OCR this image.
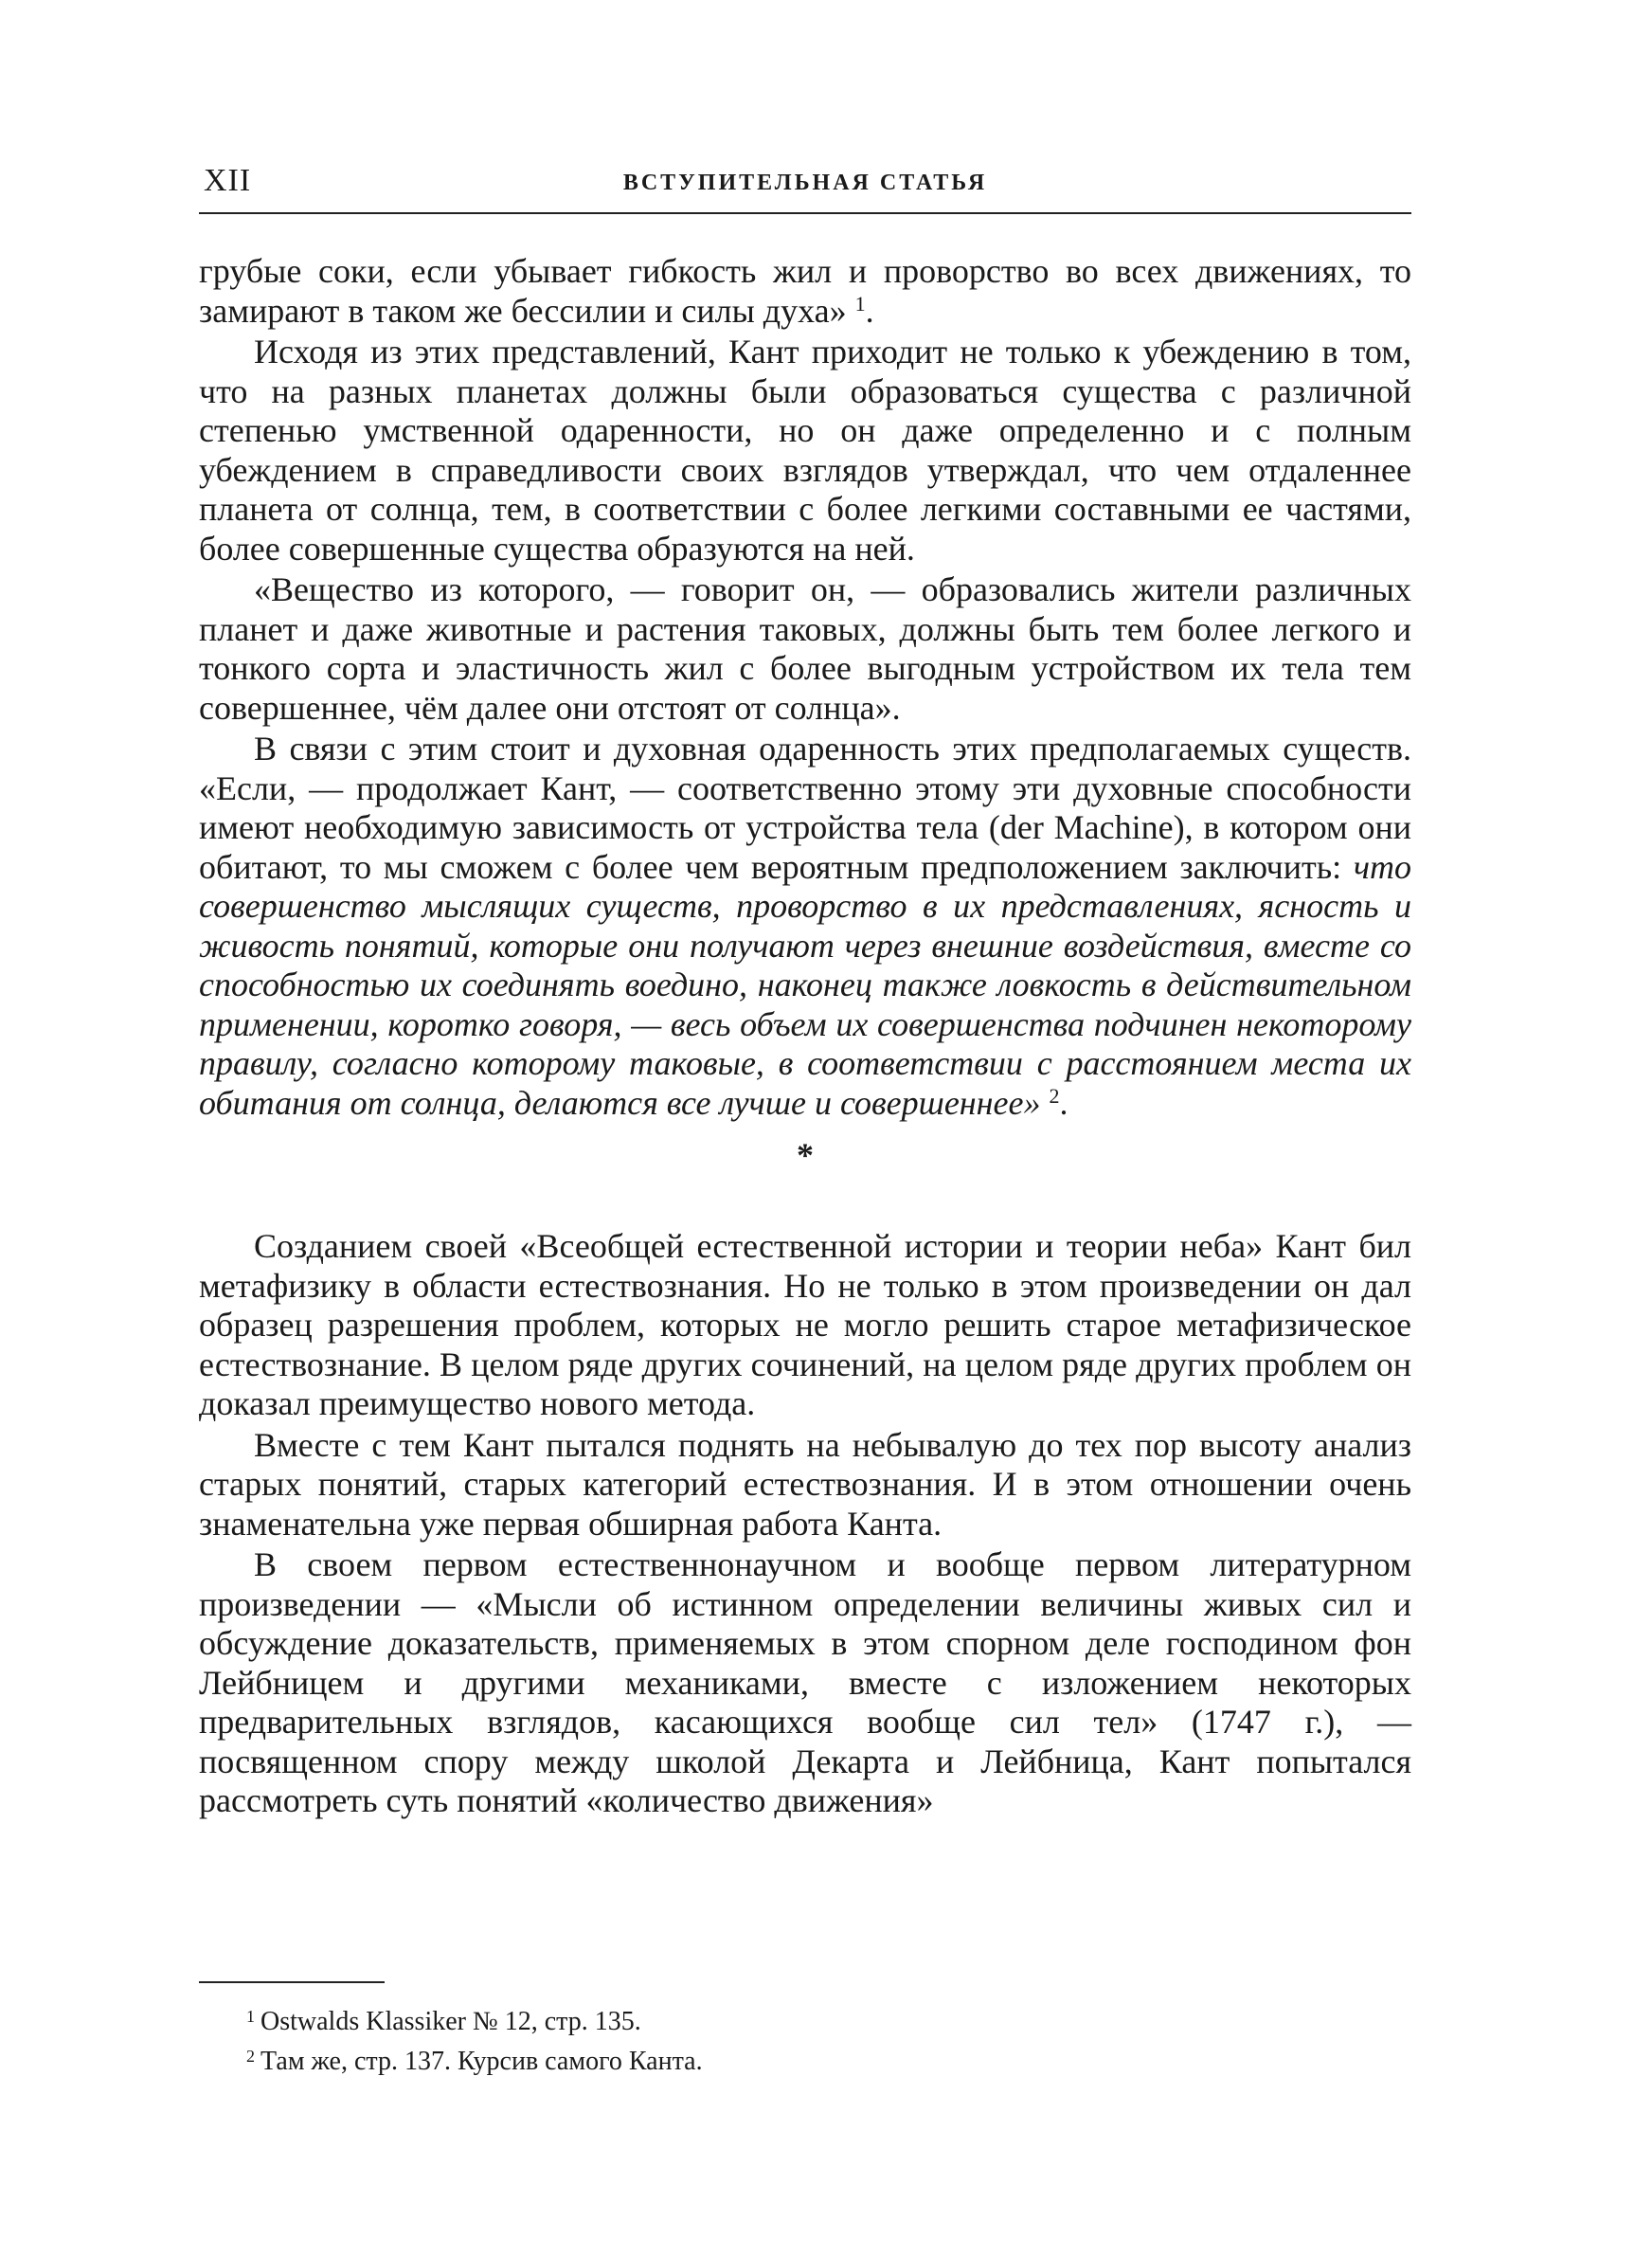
XII	ВСТУПИТЕЛЬНАЯ СТАТЬЯ

грубые соки, если убывает гибкость жил и проворство во всех движениях, то замирают в таком же бессилии и силы духа» $^1$.

Исходя из этих представлений, Кант приходит не только к убеждению в том, что на разных планетах должны были образоваться существа с различной степенью умственной одаренности, но он даже определенно и с полным убеждением в справедливости своих взглядов утверждал, что чем отдаленнее планета от солнца, тем, в соответствии с более легкими составными ее частями, более совершенные существа образуются на ней.

«Вещество из которого, — говорит он, — образовались жители различных планет и даже животные и растения таковых, должны быть тем более легкого и тонкого сорта и эластичность жил с более выгодным устройством их тела тем совершеннее, чём далее они отстоят от солнца».

В связи с этим стоит и духовная одаренность этих предполагаемых существ. «Если, — продолжает Кант, — соответственно этому эти духовные способности имеют необходимую зависимость от устройства тела (der Machine), в котором они обитают, то мы сможем с более чем вероятным предположением заключить: что совершенство мыслящих существ, проворство в их представлениях, ясность и живость понятий, которые они получают через внешние воздействия, вместе со способностью их соединять воедино, наконец также ловкость в действительном применении, коротко говоря, — весь объем их совершенства подчинен некоторому правилу, согласно которому таковые, в соответствии с расстоянием места их обитания от солнца, делаются все лучше и совершеннее» $^2$.

*

Созданием своей «Всеобщей естественной истории и теории неба» Кант бил метафизику в области естествознания. Но не только в этом произведении он дал образец разрешения проблем, которых не могло решить старое метафизическое естествознание. В целом ряде других сочинений, на целом ряде других проблем он доказал преимущество нового метода.

Вместе с тем Кант пытался поднять на небывалую до тех пор высоту анализ старых понятий, старых категорий естествознания. И в этом отношении очень знаменательна уже первая обширная работа Канта.

В своем первом естественнонаучном и вообще первом литературном произведении — «Мысли об истинном определении величины живых сил и обсуждение доказательств, применяемых в этом спорном деле господином фон Лейбницем и другими механиками, вместе с изложением некоторых предварительных взглядов, касающихся вообще сил тел» (1747 г.), — посвященном спору между школой Декарта и Лейбница, Кант попытался рассмотреть суть понятий «количество движения»

$^1$ Ostwalds Klassiker № 12, стр. 135.

$^2$ Там же, стр. 137. Курсив самого Канта.
